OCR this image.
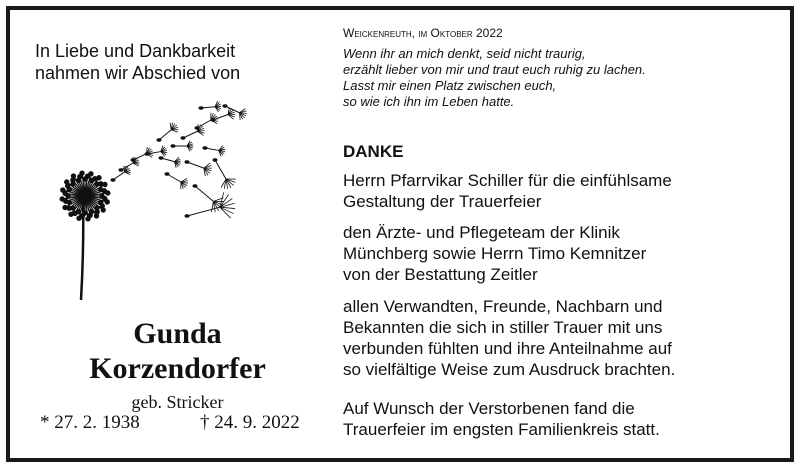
In Liebe und Dankbarkeit
nahmen wir Abschied von
Gunda
Korzendorfer
geb. Stricker
* 27. 2. 1938	† 24. 9. 2022
Weickenreuth, im Oktober 2022
Wenn ihr an mich denkt, seid nicht traurig,
erzählt lieber von mir und traut euch ruhig zu lachen.
Lasst mir einen Platz zwischen euch,
so wie ich ihn im Leben hatte.
DANKE
Herrn Pfarrvikar Schiller für die einfühlsame
Gestaltung der Trauerfeier
den Ärzte- und Pflegeteam der Klinik
Münchberg sowie Herrn Timo Kemnitzer
von der Bestattung Zeitler
allen Verwandten, Freunde, Nachbarn und
Bekannten die sich in stiller Trauer mit uns
verbunden fühlten und ihre Anteilnahme auf
so vielfältige Weise zum Ausdruck brachten.
Auf Wunsch der Verstorbenen fand die
Trauerfeier im engsten Familienkreis statt.
